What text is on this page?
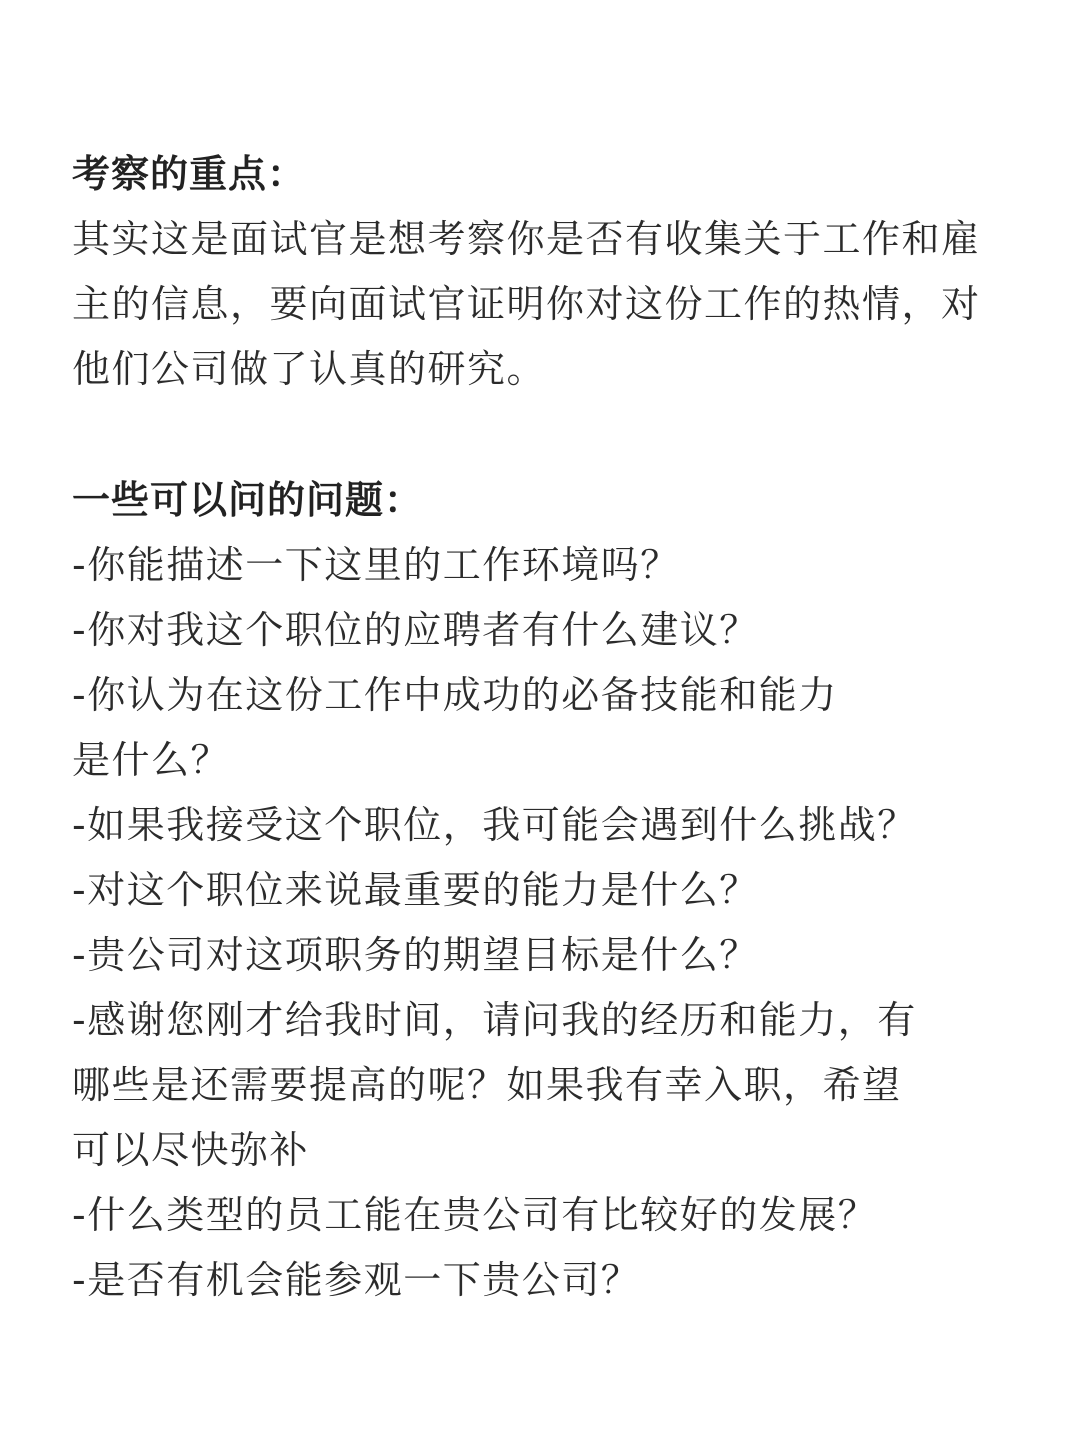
考察的重点：

其实这是面试官是想考察你是否有收集关于工作和雇主的信息，要向面试官证明你对这份工作的热情，对他们公司做了认真的研究。

一些可以问的问题：

-你能描述一下这里的工作环境吗？
-你对我这个职位的应聘者有什么建议？
-你认为在这份工作中成功的必备技能和能力
是什么？
-如果我接受这个职位，我可能会遇到什么挑战？
-对这个职位来说最重要的能力是什么？
-贵公司对这项职务的期望目标是什么？
-感谢您刚才给我时间，请问我的经历和能力，有
哪些是还需要提高的呢？如果我有幸入职，希望
可以尽快弥补
-什么类型的员工能在贵公司有比较好的发展？
-是否有机会能参观一下贵公司？
